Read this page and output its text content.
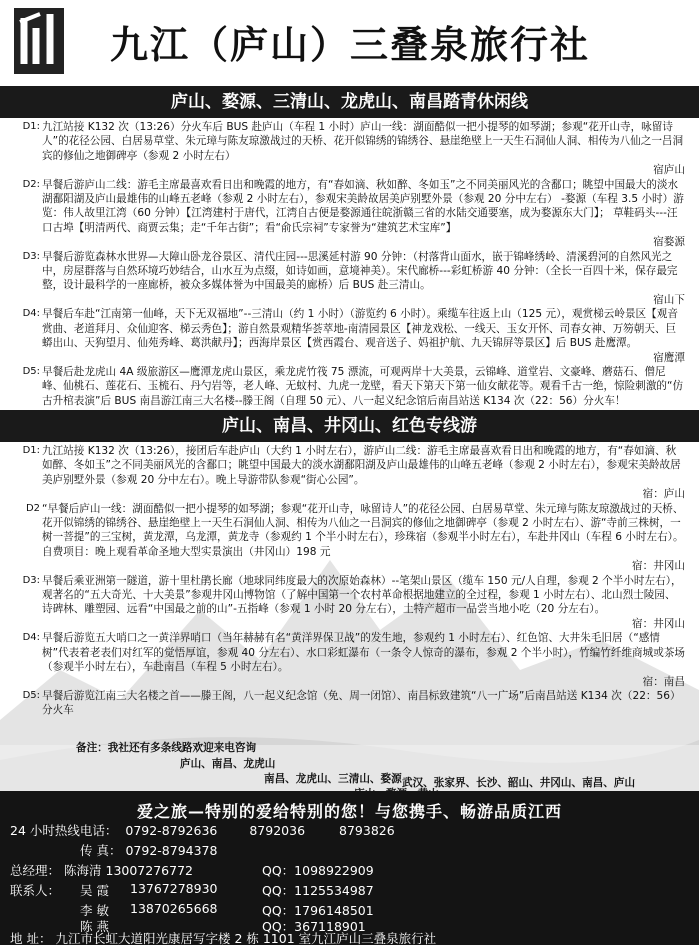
九江（庐山）三叠泉旅行社
庐山、婺源、三清山、龙虎山、南昌踏青休闲线
D1: 九江站接 K132 次（13:26）分火车后 BUS 赴庐山（车程 1 小时）庐山一线：湖面酷似一把小提琴的如琴湖；参观“花开山寺，咏留诗人”的花径公园、白居易草堂、朱元璋与陈友琼激战过的天桥、花开似锦绣的锦绣谷、悬崖绝壁上一天生石洞仙人洞、相传为八仙之一吕洞宾的修仙之地御碑亭（参观 2 小时左右）
宿庐山
D2: 早餐后游庐山二线：游毛主席最喜欢看日出和晚霞的地方，有“春如滴、秋如醉、冬如玉”之不同美丽风光的含鄱口；眺望中国最大的淡水湖鄱阳湖及庐山最雄伟的山峰五老峰（参观 2 小时左右），参观宋美龄故居美庐别墅外景（参观 20 分中左右） -婺源（车程 3.5 小时）游览：伟人故里江湾（60 分钟）【江湾建村于唐代，江湾自古便是婺源通往皖浙赣三省的水陆交通要塞，成为婺源东大门】； 草鞋码头---汪口古埠【明清两代、商贾云集；走“千年古街”；看“俞氏宗祠”专家誉为“建筑艺术宝库”】
宿婺源
D3: 早餐后游览森林水世界—大障山卧龙谷景区、清代庄园---思溪延村游 90 分钟：（村落背山面水，嵌于锦峰绣岭、清溪碧河的自然风光之中，房屋群落与自然环境巧妙结合，山水互为点缀，如诗如画，意境神美）。宋代廊桥---彩虹桥游 40 分钟：（全长一百四十米，保存最完整，设计最科学的一座廊桥，被众多媒体誉为中国最美的廊桥）后 BUS 赴三清山。
宿山下
D4: 早餐后车赴“江南第一仙峰，天下无双福地”--三清山（约 1 小时）（游览约 6 小时）。乘缆车往返上山（125 元），观赏梯云岭景区【观音赏曲、老道拜月、众仙迎客、梯云秀色】；游自然景观精华荟萃地-南清园景区【神龙戏松、一线天、玉女开怀、司春女神、万笏朝天、巨蟒出山、天狗望月、仙苑秀峰、葛洪献丹】；西海岸景区【赏西霞台、观音送子、妈祖护航、九天锦屏等景区】后 BUS 赴鹰潭。
宿鹰潭
D5: 早餐后赴龙虎山 4A 级旅游区—鹰潭龙虎山景区，乘龙虎竹筏 75 漂流，可观两岸十大美景，云锦峰、道堂岩、文豪峰、蘑菇石、僧尼峰、仙桃石、莲花石、玉梳石、丹勺岩等，老人峰、无蚊村、九虎一龙壁，看天下第天下第一仙女献花等。观看千古一绝，惊险刺激的“仿古升棺表演”后 BUS 南昌游江南三大名楼--滕王阁（自理 50 元）、八一起义纪念馆后南昌站送 K134 次（22：56）分火车！
庐山、南昌、井冈山、红色专线游
D1: 九江站接 K132 次（13:26），接团后车赴庐山（大约 1 小时左右），游庐山二线：游毛主席最喜欢看日出和晚霞的地方，有“春如滴、秋如醉、冬如玉”之不同美丽风光的含鄱口；眺望中国最大的淡水湖鄱阳湖及庐山最雄伟的山峰五老峰（参观 2 小时左右），参观宋美龄故居美庐别墅外景（参观 20 分中左右）。晚上导游带队参观“街心公园”。
宿：庐山
D2 “早餐后庐山一线：湖面酷似一把小提琴的如琴湖；参观“花开山寺，咏留诗人”的花径公园、白居易草堂、朱元璋与陈友琼激战过的天桥、花开似锦绣的锦绣谷、悬崖绝壁上一天生石洞仙人洞、相传为八仙之一吕洞宾的修仙之地御碑亭（参观 2 小时左右）、游“寺前三株树，一树一菩提”的三宝树，黄龙潭，乌龙潭，黄龙寺（参观约 1 个半小时左右），珍珠宿（参观半小时左右），车赴井冈山（车程 6 小时左右）。自费项目：晚上观看革命圣地大型实景演出（井冈山）198 元
宿：井冈山
D3: 早餐后乘亚洲第一隧道，游十里杜鹃长廊（地球同纬度最大的次原始森林）--笔架山景区（缆车 150 元/人自理，参观 2 个半小时左右），观著名的“五大奇光、十大美景”参观井冈山博物馆（了解中国第一个农村革命根据地建立的全过程，参观 1 小时左右）、北山烈士陵园、诗碑林、雕塑园、远看“中国最之前的山”-五指峰（参观 1 小时 20 分左右），土特产超市一品尝当地小吃（20 分左右）。
宿：井冈山
D4: 早餐后游览五大哨口之一黄洋界哨口（当年赫赫有名“黄洋界保卫战”的发生地，参观约 1 小时左右）、红色馆、大井朱毛旧居（“感情树”代表着老表们对红军的觉悟厚谊，参观 40 分左右）、水口彩虹瀑布（一条令人惊奇的瀑布，参观 2 个半小时），竹编竹纤维商城或茶场（参观半小时左右），车赴南昌（车程 5 小时左右）。
宿：南昌
D5: 早餐后游览江南三大名楼之首——滕王阁，八一起义纪念馆（免、周一闭馆）、南昌标致建筑“八一广场”后南昌站送 K134 次（22：56）分火车
备注：我社还有多条线路欢迎来电咨询
庐山、南昌、龙虎山
南昌、龙虎山、三清山、婺源
爱之旅—特别的爱给特别的您！与您携手、畅游品质江西
24 小时热线电话： 0792-8792636	8792036	8793826
传 真： 0792-8794378
总经理： 陈海清 13007276772	QQ：1098922909
联系人： 吴 霞 13767278930	QQ：1125534987
李 敏 13870265668	QQ：1796148501
陈 燕	QQ：367118901
地 址： 九江市长虹大道阳光康居写字楼 2 栋 1101 室九江庐山三叠泉旅行社
武汉、张家界、长沙、韶山、井冈山、南昌、庐山
